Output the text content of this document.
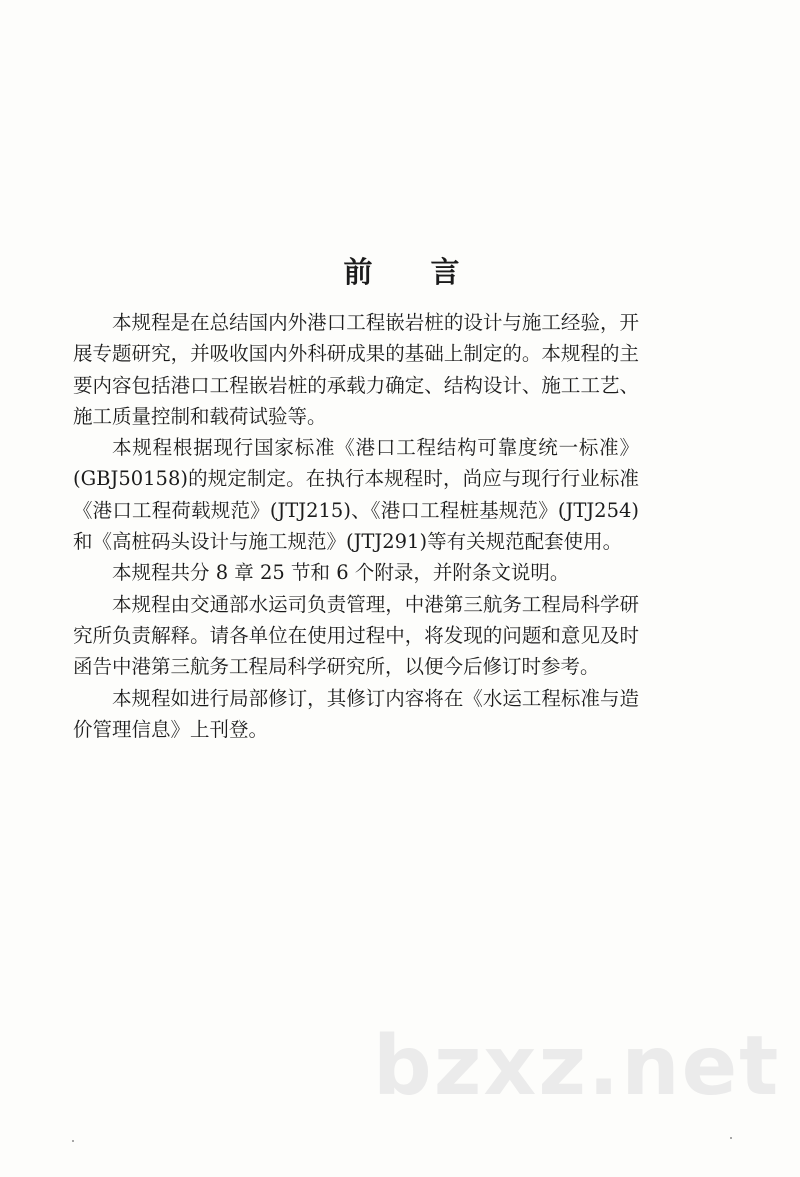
前言

本规程是在总结国内外港口工程嵌岩桩的设计与施工经验，开展专题研究，并吸收国内外科研成果的基础上制定的。本规程的主要内容包括港口工程嵌岩桩的承载力确定、结构设计、施工工艺、施工质量控制和载荷试验等。

本规程根据现行国家标准《港口工程结构可靠度统一标准》(GBJ50158)的规定制定。在执行本规程时，尚应与现行行业标准《港口工程荷载规范》(JTJ215)、《港口工程桩基规范》(JTJ254)和《高桩码头设计与施工规范》(JTJ291)等有关规范配套使用。

本规程共分 8 章 25 节和 6 个附录，并附条文说明。

本规程由交通部水运司负责管理，中港第三航务工程局科学研究所负责解释。请各单位在使用过程中，将发现的问题和意见及时函告中港第三航务工程局科学研究所，以便今后修订时参考。

本规程如进行局部修订，其修订内容将在《水运工程标准与造价管理信息》上刊登。

bzxz.net
